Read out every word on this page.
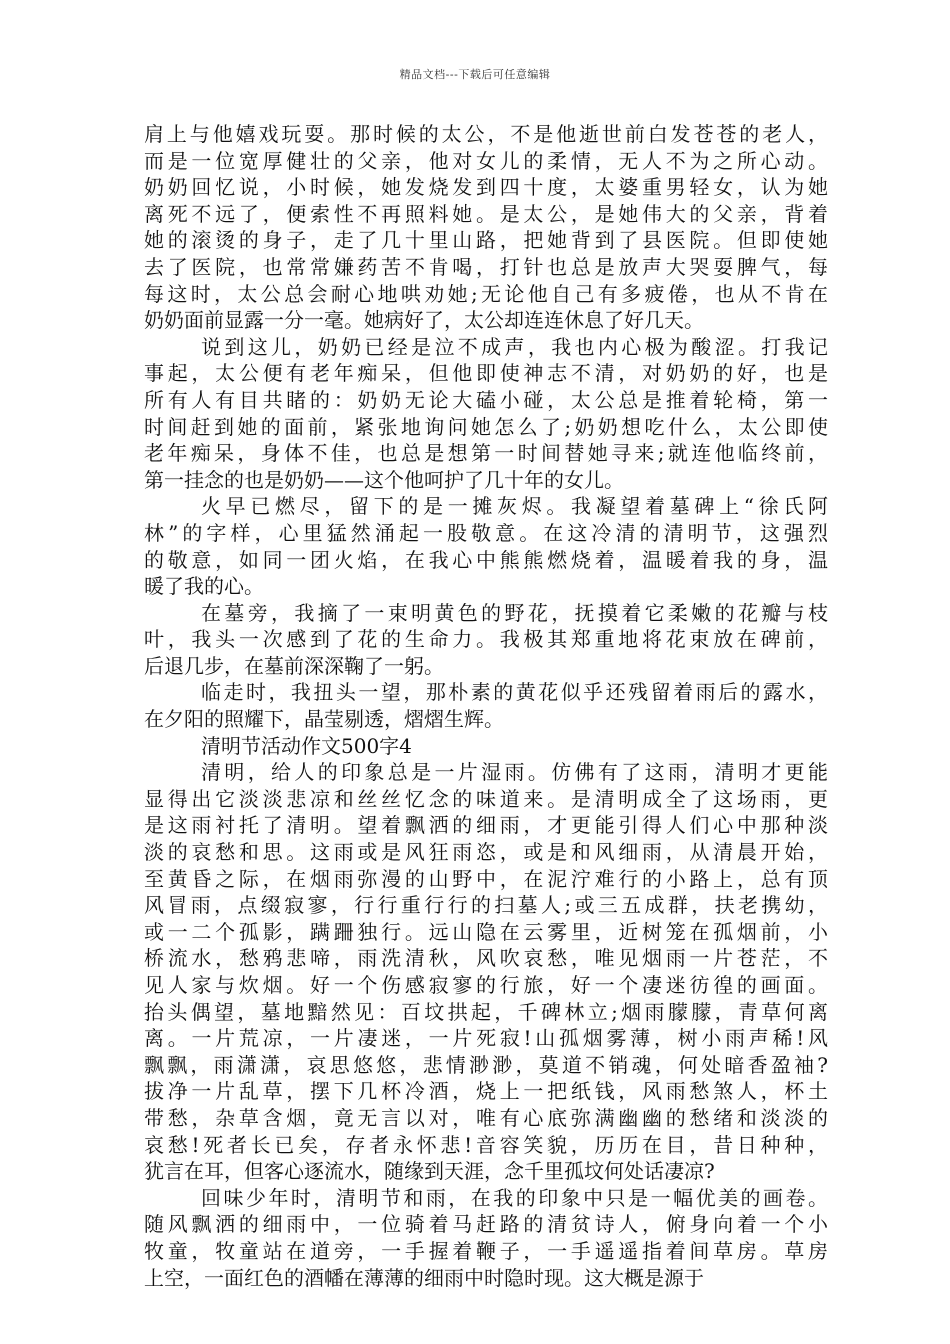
精品文档---下载后可任意编辑
肩上与他嬉戏玩耍。那时候的太公，不是他逝世前白发苍苍的老人，
而是一位宽厚健壮的父亲，他对女儿的柔情，无人不为之所心动。
奶奶回忆说，小时候，她发烧发到四十度，太婆重男轻女，认为她
离死不远了，便索性不再照料她。是太公，是她伟大的父亲，背着
她的滚烫的身子，走了几十里山路，把她背到了县医院。但即使她
去了医院，也常常嫌药苦不肯喝，打针也总是放声大哭耍脾气，每
每这时，太公总会耐心地哄劝她;无论他自己有多疲倦，也从不肯在
奶奶面前显露一分一毫。她病好了，太公却连连休息了好几天。
说到这儿，奶奶已经是泣不成声，我也内心极为酸涩。打我记
事起，太公便有老年痴呆，但他即使神志不清，对奶奶的好，也是
所有人有目共睹的：奶奶无论大磕小碰，太公总是推着轮椅，第一
时间赶到她的面前，紧张地询问她怎么了;奶奶想吃什么，太公即使
老年痴呆，身体不佳，也总是想第一时间替她寻来;就连他临终前，
第一挂念的也是奶奶——这个他呵护了几十年的女儿。
火早已燃尽，留下的是一摊灰烬。我凝望着墓碑上“徐氏阿
林”的字样，心里猛然涌起一股敬意。在这冷清的清明节，这强烈
的敬意，如同一团火焰，在我心中熊熊燃烧着，温暖着我的身，温
暖了我的心。
在墓旁，我摘了一束明黄色的野花，抚摸着它柔嫩的花瓣与枝
叶，我头一次感到了花的生命力。我极其郑重地将花束放在碑前，
后退几步，在墓前深深鞠了一躬。
临走时，我扭头一望，那朴素的黄花似乎还残留着雨后的露水，
在夕阳的照耀下，晶莹剔透，熠熠生辉。
清明节活动作文500字4
清明，给人的印象总是一片湿雨。仿佛有了这雨，清明才更能
显得出它淡淡悲凉和丝丝忆念的味道来。是清明成全了这场雨，更
是这雨衬托了清明。望着飘洒的细雨，才更能引得人们心中那种淡
淡的哀愁和思。这雨或是风狂雨恣，或是和风细雨，从清晨开始，
至黄昏之际，在烟雨弥漫的山野中，在泥泞难行的小路上，总有顶
风冒雨，点缀寂寥，行行重行行的扫墓人;或三五成群，扶老携幼，
或一二个孤影，蹒跚独行。远山隐在云雾里，近树笼在孤烟前，小
桥流水，愁鸦悲啼，雨洗清秋，风吹哀愁，唯见烟雨一片苍茫，不
见人家与炊烟。好一个伤感寂寥的行旅，好一个凄迷彷徨的画面。
抬头偶望，墓地黯然见：百坟拱起，千碑林立;烟雨朦朦，青草何离
离。一片荒凉，一片凄迷，一片死寂!山孤烟雾薄，树小雨声稀!风
飘飘，雨潇潇，哀思悠悠，悲情渺渺，莫道不销魂，何处暗香盈袖?
拔净一片乱草，摆下几杯冷酒，烧上一把纸钱，风雨愁煞人，杯土
带愁，杂草含烟，竟无言以对，唯有心底弥满幽幽的愁绪和淡淡的
哀愁!死者长已矣，存者永怀悲!音容笑貌，历历在目，昔日种种，
犹言在耳，但客心逐流水，随缘到天涯，念千里孤坟何处话凄凉?
回味少年时，清明节和雨，在我的印象中只是一幅优美的画卷。
随风飘洒的细雨中，一位骑着马赶路的清贫诗人，俯身向着一个小
牧童，牧童站在道旁，一手握着鞭子，一手遥遥指着间草房。草房
上空，一面红色的酒幡在薄薄的细雨中时隐时现。这大概是源于
